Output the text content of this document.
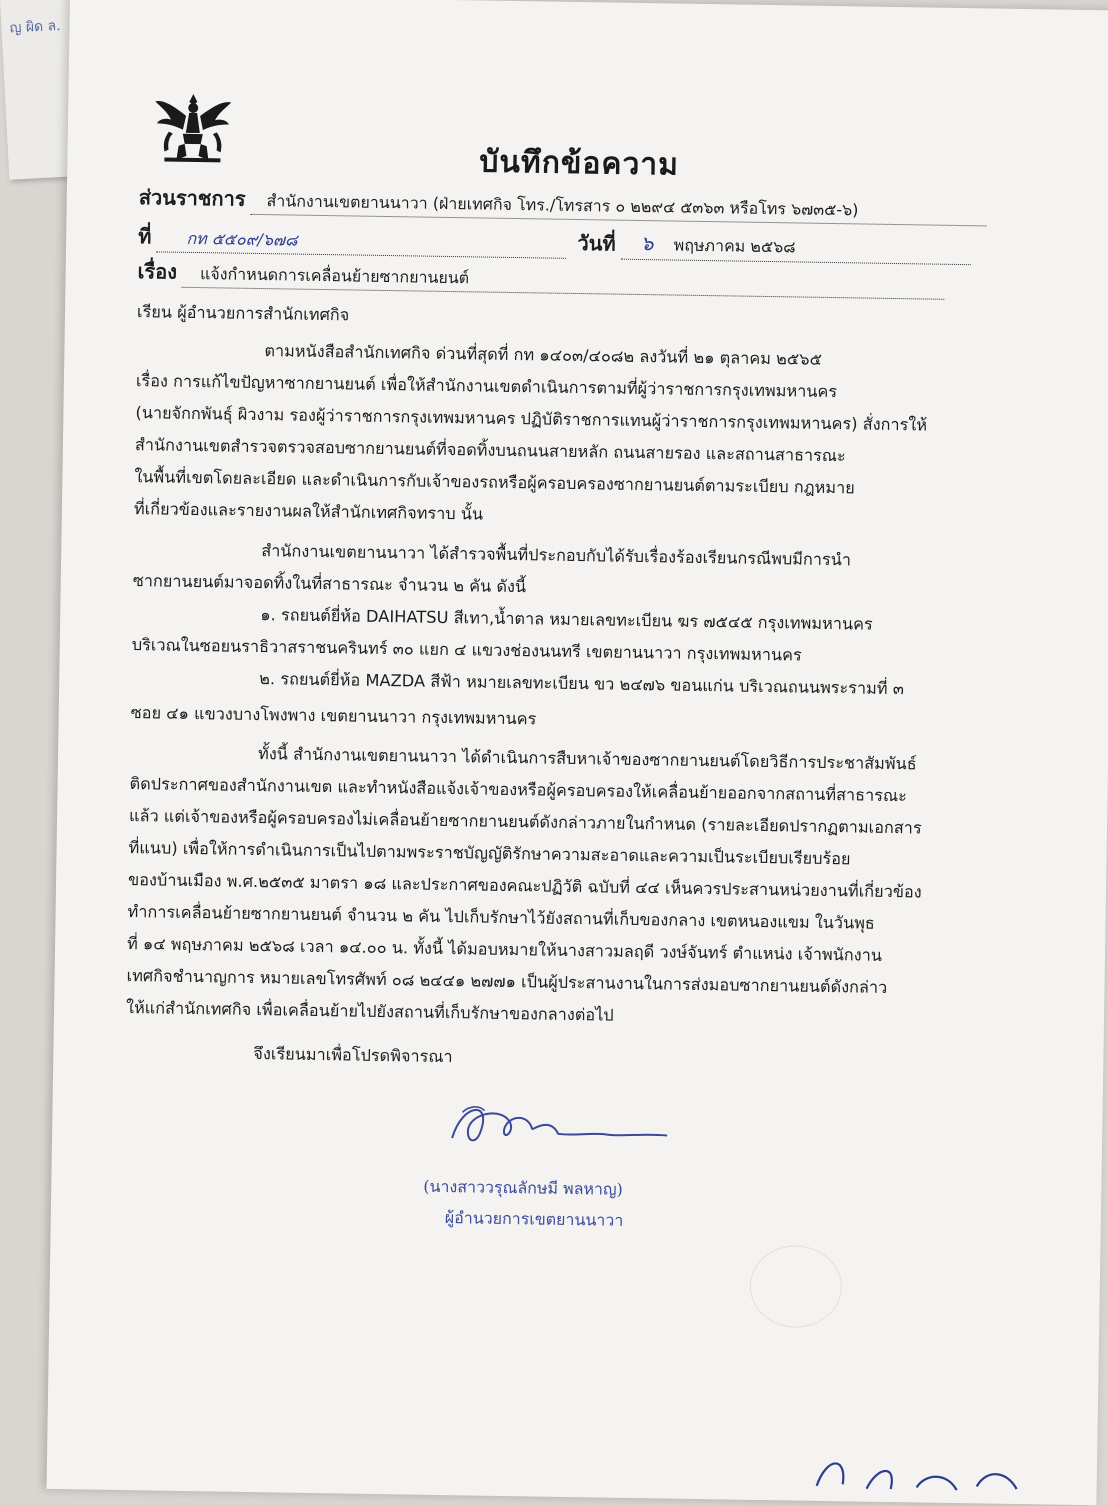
ญ ผิด ล.
บันทึกข้อความ
ส่วนราชการ สำนักงานเขตยานนาวา (ฝ่ายเทศกิจ โทร./โทรสาร ๐ ๒๒๙๔ ๕๓๖๓ หรือโทร ๖๗๓๕-๖)
ที่ กท ๕๕๐๙/๖๗๘	วันที่ ๖ พฤษภาคม ๒๕๖๘
เรื่อง แจ้งกำหนดการเคลื่อนย้ายซากยานยนต์
เรียน ผู้อำนวยการสำนักเทศกิจ
ตามหนังสือสำนักเทศกิจ ด่วนที่สุดที่ กท ๑๔๐๓/๔๐๘๒ ลงวันที่ ๒๑ ตุลาคม ๒๕๖๕
เรื่อง การแก้ไขปัญหาซากยานยนต์ เพื่อให้สำนักงานเขตดำเนินการตามที่ผู้ว่าราชการกรุงเทพมหานคร
(นายจักกพันธุ์ ผิวงาม รองผู้ว่าราชการกรุงเทพมหานคร ปฏิบัติราชการแทนผู้ว่าราชการกรุงเทพมหานคร) สั่งการให้
สำนักงานเขตสำรวจตรวจสอบซากยานยนต์ที่จอดทิ้งบนถนนสายหลัก ถนนสายรอง และสถานสาธารณะ
ในพื้นที่เขตโดยละเอียด และดำเนินการกับเจ้าของรถหรือผู้ครอบครองซากยานยนต์ตามระเบียบ กฎหมาย
ที่เกี่ยวข้องและรายงานผลให้สำนักเทศกิจทราบ นั้น
สำนักงานเขตยานนาวา ได้สำรวจพื้นที่ประกอบกับได้รับเรื่องร้องเรียนกรณีพบมีการนำ
ซากยานยนต์มาจอดทิ้งในที่สาธารณะ จำนวน ๒ คัน ดังนี้
๑. รถยนต์ยี่ห้อ DAIHATSU สีเทา,น้ำตาล หมายเลขทะเบียน ฆร ๗๕๔๕ กรุงเทพมหานคร
บริเวณในซอยนราธิวาสราชนครินทร์ ๓๐ แยก ๔ แขวงช่องนนทรี เขตยานนาวา กรุงเทพมหานคร
๒. รถยนต์ยี่ห้อ MAZDA สีฟ้า หมายเลขทะเบียน ขว ๒๔๗๖ ขอนแก่น บริเวณถนนพระรามที่ ๓
ซอย ๔๑ แขวงบางโพงพาง เขตยานนาวา กรุงเทพมหานคร
ทั้งนี้ สำนักงานเขตยานนาวา ได้ดำเนินการสืบหาเจ้าของซากยานยนต์โดยวิธีการประชาสัมพันธ์
ติดประกาศของสำนักงานเขต และทำหนังสือแจ้งเจ้าของหรือผู้ครอบครองให้เคลื่อนย้ายออกจากสถานที่สาธารณะ
แล้ว แต่เจ้าของหรือผู้ครอบครองไม่เคลื่อนย้ายซากยานยนต์ดังกล่าวภายในกำหนด (รายละเอียดปรากฏตามเอกสาร
ที่แนบ) เพื่อให้การดำเนินการเป็นไปตามพระราชบัญญัติรักษาความสะอาดและความเป็นระเบียบเรียบร้อย
ของบ้านเมือง พ.ศ.๒๕๓๕ มาตรา ๑๘ และประกาศของคณะปฏิวัติ ฉบับที่ ๔๔ เห็นควรประสานหน่วยงานที่เกี่ยวข้อง
ทำการเคลื่อนย้ายซากยานยนต์ จำนวน ๒ คัน ไปเก็บรักษาไว้ยังสถานที่เก็บของกลาง เขตหนองแขม ในวันพุธ
ที่ ๑๔ พฤษภาคม ๒๕๖๘ เวลา ๑๔.๐๐ น. ทั้งนี้ ได้มอบหมายให้นางสาวมลฤดี วงษ์จันทร์ ตำแหน่ง เจ้าพนักงาน
เทศกิจชำนาญการ หมายเลขโทรศัพท์ ๐๘ ๒๔๔๑ ๒๗๗๑ เป็นผู้ประสานงานในการส่งมอบซากยานยนต์ดังกล่าว
ให้แก่สำนักเทศกิจ เพื่อเคลื่อนย้ายไปยังสถานที่เก็บรักษาของกลางต่อไป
จึงเรียนมาเพื่อโปรดพิจารณา
(นางสาววรุณลักษมี พลหาญ)
ผู้อำนวยการเขตยานนาวา
